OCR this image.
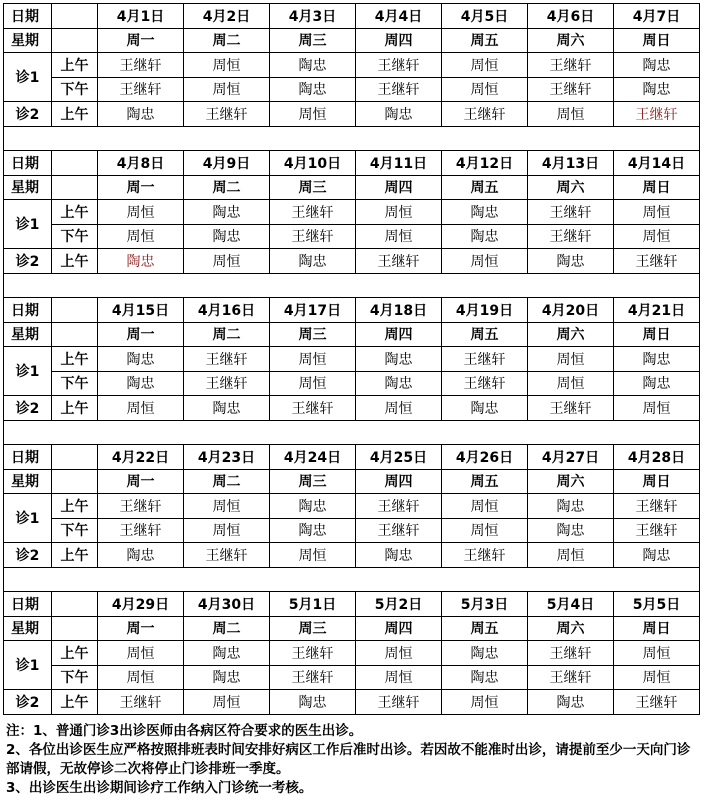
日期		4月1日	4月2日	4月3日	4月4日	4月5日	4月6日	4月7日
星期		周一	周二	周三	周四	周五	周六	周日
诊1	上午	王继轩	周恒	陶忠	王继轩	周恒	王继轩	陶忠
	下午	王继轩	周恒	陶忠	王继轩	周恒	王继轩	陶忠
诊2	上午	陶忠	王继轩	周恒	陶忠	王继轩	周恒	王继轩

日期		4月8日	4月9日	4月10日	4月11日	4月12日	4月13日	4月14日
星期		周一	周二	周三	周四	周五	周六	周日
诊1	上午	周恒	陶忠	王继轩	周恒	陶忠	王继轩	周恒
	下午	周恒	陶忠	王继轩	周恒	陶忠	王继轩	周恒
诊2	上午	陶忠	周恒	陶忠	王继轩	周恒	陶忠	王继轩

日期		4月15日	4月16日	4月17日	4月18日	4月19日	4月20日	4月21日
星期		周一	周二	周三	周四	周五	周六	周日
诊1	上午	陶忠	王继轩	周恒	陶忠	王继轩	周恒	陶忠
	下午	陶忠	王继轩	周恒	陶忠	王继轩	周恒	陶忠
诊2	上午	周恒	陶忠	王继轩	周恒	陶忠	王继轩	周恒

日期		4月22日	4月23日	4月24日	4月25日	4月26日	4月27日	4月28日
星期		周一	周二	周三	周四	周五	周六	周日
诊1	上午	王继轩	周恒	陶忠	王继轩	周恒	陶忠	王继轩
	下午	王继轩	周恒	陶忠	王继轩	周恒	陶忠	王继轩
诊2	上午	陶忠	王继轩	周恒	陶忠	王继轩	周恒	陶忠

日期		4月29日	4月30日	5月1日	5月2日	5月3日	5月4日	5月5日
星期		周一	周二	周三	周四	周五	周六	周日
诊1	上午	周恒	陶忠	王继轩	周恒	陶忠	王继轩	周恒
	下午	周恒	陶忠	王继轩	周恒	陶忠	王继轩	周恒
诊2	上午	王继轩	周恒	陶忠	王继轩	周恒	陶忠	王继轩

注：1、普通门诊3出诊医师由各病区符合要求的医生出诊。

2、各位出诊医生应严格按照排班表时间安排好病区工作后准时出诊。若因故不能准时出诊，请提前至少一天向门诊部请假，无故停诊二次将停止门诊排班一季度。

3、出诊医生出诊期间诊疗工作纳入门诊统一考核。
